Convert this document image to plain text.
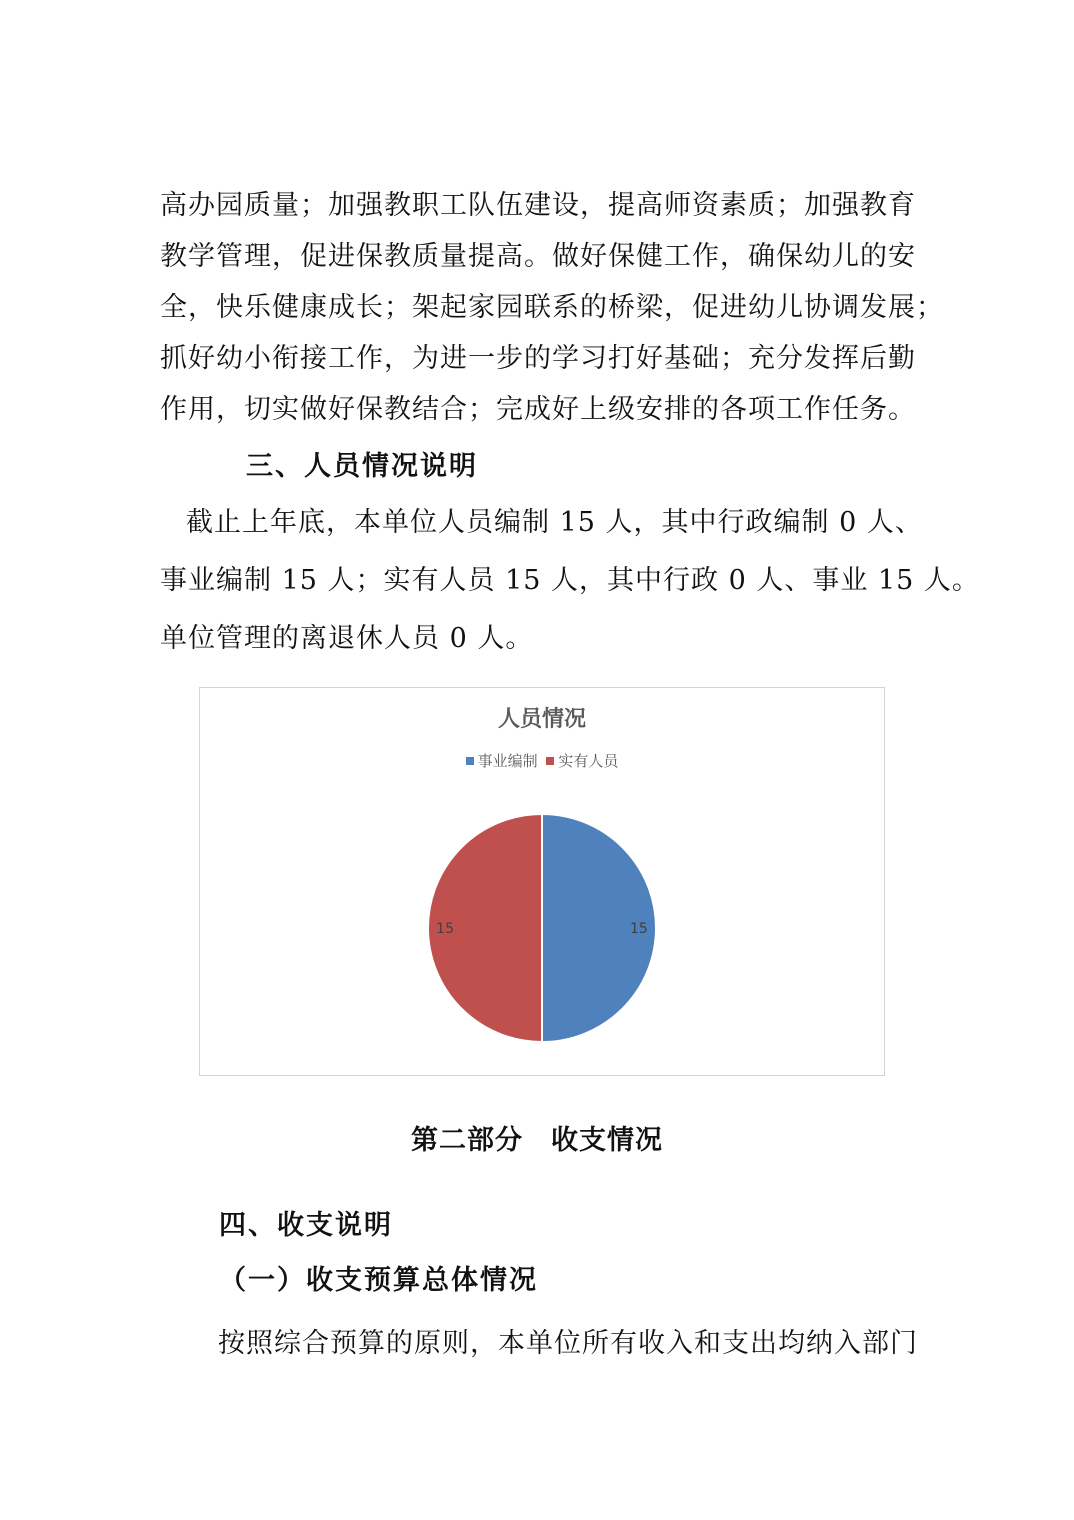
高办园质量；加强教职工队伍建设，提高师资素质；加强教育
教学管理，促进保教质量提高。做好保健工作，确保幼儿的安
全，快乐健康成长；架起家园联系的桥梁，促进幼儿协调发展；
抓好幼小衔接工作，为进一步的学习打好基础；充分发挥后勤
作用，切实做好保教结合；完成好上级安排的各项工作任务。
三、人员情况说明
　　截止上年底，本单位人员编制 15 人，其中行政编制 0 人、
事业编制 15 人；实有人员 15 人，其中行政 0 人、事业 15 人。
单位管理的离退休人员 0 人。
人员情况
事业编制
实有人员
15
15
第二部分　收支情况
四、收支说明
（一）收支预算总体情况
按照综合预算的原则，本单位所有收入和支出均纳入部门
